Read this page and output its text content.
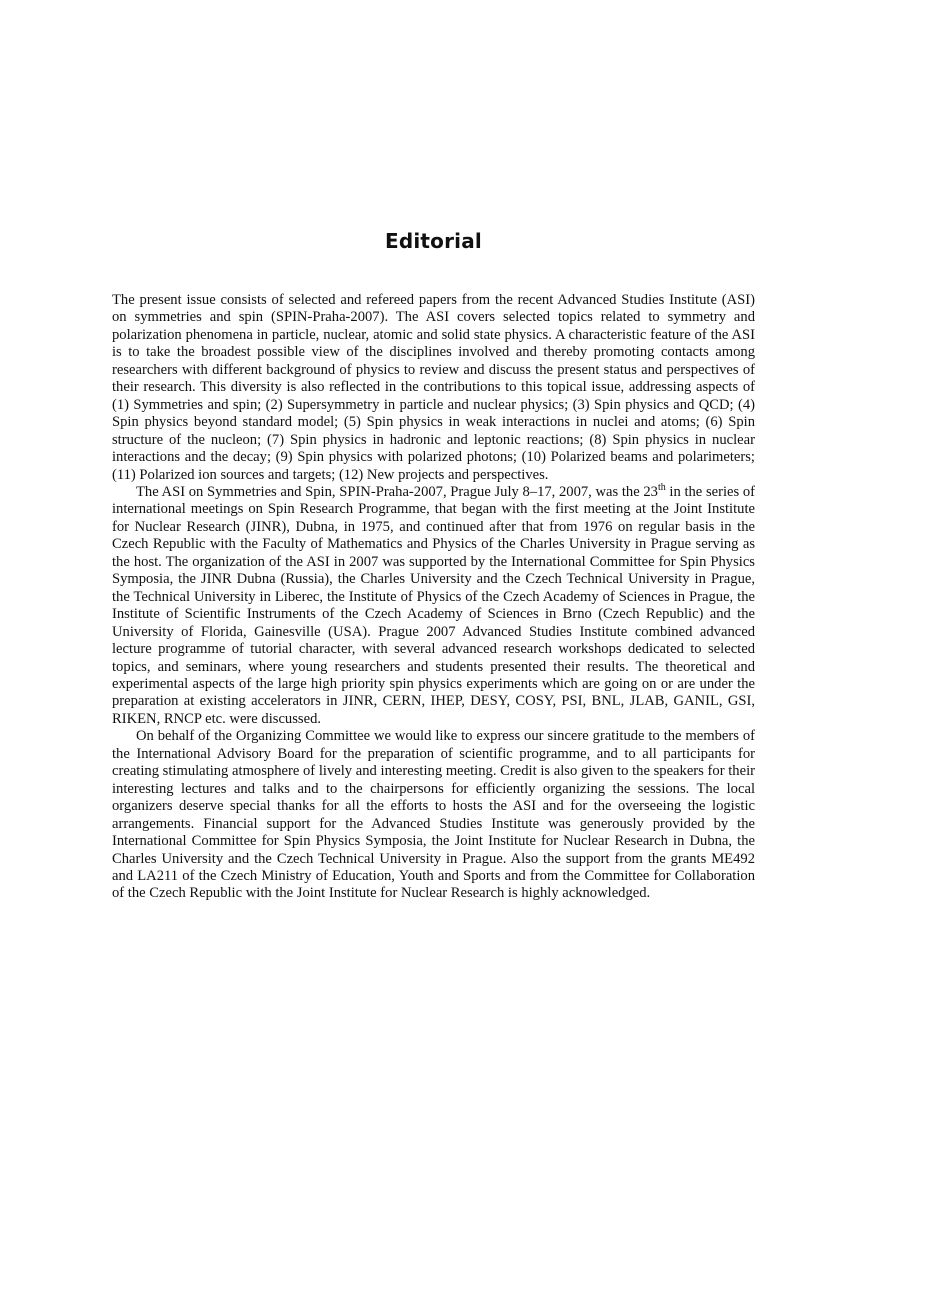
Editorial

The present issue consists of selected and refereed papers from the recent Advanced Studies Institute (ASI) on symmetries and spin (SPIN-Praha-2007). The ASI covers selected topics related to symmetry and polarization phenomena in particle, nuclear, atomic and solid state physics. A characteristic feature of the ASI is to take the broadest possible view of the disciplines involved and thereby promoting contacts among researchers with different background of physics to review and discuss the present status and perspectives of their research. This diversity is also reflected in the contributions to this topical issue, addressing aspects of (1) Symmetries and spin; (2) Supersymmetry in particle and nuclear physics; (3) Spin physics and QCD; (4) Spin physics beyond standard model; (5) Spin physics in weak interactions in nuclei and atoms; (6) Spin structure of the nucleon; (7) Spin physics in hadronic and leptonic reactions; (8) Spin physics in nuclear interactions and the decay; (9) Spin physics with polarized photons; (10) Polarized beams and polarimeters; (11) Polarized ion sources and targets; (12) New projects and perspectives.

The ASI on Symmetries and Spin, SPIN-Praha-2007, Prague July 8–17, 2007, was the 23th in the series of international meetings on Spin Research Programme, that began with the first meeting at the Joint Institute for Nuclear Research (JINR), Dubna, in 1975, and continued after that from 1976 on regular basis in the Czech Republic with the Faculty of Mathematics and Physics of the Charles University in Prague serving as the host. The organization of the ASI in 2007 was supported by the International Committee for Spin Physics Symposia, the JINR Dubna (Russia), the Charles University and the Czech Technical University in Prague, the Technical University in Liberec, the Institute of Physics of the Czech Academy of Sciences in Prague, the Institute of Scientific Instruments of the Czech Academy of Sciences in Brno (Czech Republic) and the University of Florida, Gainesville (USA). Prague 2007 Advanced Studies Institute combined advanced lecture programme of tutorial character, with several advanced research workshops dedicated to selected topics, and seminars, where young researchers and students presented their results. The theoretical and experimental aspects of the large high priority spin physics experiments which are going on or are under the preparation at existing accelerators in JINR, CERN, IHEP, DESY, COSY, PSI, BNL, JLAB, GANIL, GSI, RIKEN, RNCP etc. were discussed.

On behalf of the Organizing Committee we would like to express our sincere gratitude to the members of the International Advisory Board for the preparation of scientific programme, and to all participants for creating stimulating atmosphere of lively and interesting meeting. Credit is also given to the speakers for their interesting lectures and talks and to the chairpersons for efficiently organizing the sessions. The local organizers deserve special thanks for all the efforts to hosts the ASI and for the overseeing the logistic arrangements. Financial support for the Advanced Studies Institute was generously provided by the International Committee for Spin Physics Symposia, the Joint Institute for Nuclear Research in Dubna, the Charles University and the Czech Technical University in Prague. Also the support from the grants ME492 and LA211 of the Czech Ministry of Education, Youth and Sports and from the Committee for Collaboration of the Czech Republic with the Joint Institute for Nuclear Research is highly acknowledged.
